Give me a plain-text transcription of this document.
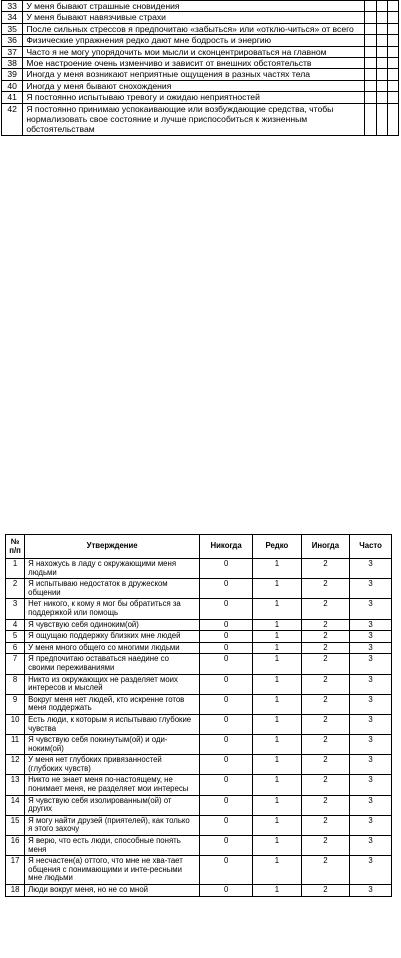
33	У меня бывают страшные сновидения			
34	У меня бывают навязчивые страхи			
35	После сильных стрессов я предпочитаю «забыться» или «отклю-читься» от всего			
36	Физические упражнения редко дают мне бодрость и энергию			
37	Часто я не могу упорядочить мои мысли и сконцентрироваться на главном			
38	Мое настроение очень изменчиво и зависит от внешних обстоятельств			
39	Иногда у меня возникают неприятные ощущения в разных частях тела			
40	Иногда у меня бывают снохождения			
41	Я постоянно испытываю тревогу и ожидаю неприятностей			
42	Я постоянно принимаю успокаивающие или возбуждающие средства, чтобы нормализовать свое состояние и лучше приспособиться к жизненным обстоятельствам			
№ п/п	Утверждение	Никогда	Редко	Иногда	Часто
1	Я нахожусь в ладу с окружающими меня людьми	0	1	2	3
2	Я испытываю недостаток в дружеском общении	0	1	2	3
3	Нет никого, к кому я мог бы обратиться за поддержкой или помощь	0	1	2	3
4	Я чувствую себя одиноким(ой)	0	1	2	3
5	Я ощущаю поддержку близких мне людей	0	1	2	3
6	У меня много общего со многими людьми	0	1	2	3
7	Я предпочитаю оставаться наедине со своими переживаниями	0	1	2	3
8	Никто из окружающих не разделяет моих интересов и мыслей	0	1	2	3
9	Вокруг меня нет людей, кто искренне готов меня поддержать	0	1	2	3
10	Есть люди, к которым я испытываю глубокие чувства	0	1	2	3
11	Я чувствую себя покинутым(ой) и оди-ноким(ой)	0	1	2	3
12	У меня нет глубоких привязанностей (глубоких чувств)	0	1	2	3
13	Никто не знает меня по-настоящему, не понимает меня, не разделяет мои интересы	0	1	2	3
14	Я чувствую себя изолированным(ой) от других	0	1	2	3
15	Я могу найти друзей (приятелей), как только я этого захочу	0	1	2	3
16	Я верю, что есть люди, способные понять меня	0	1	2	3
17	Я несчастен(а) оттого, что мне не хва-тает общения с понимающими и инте-ресными мне людьми	0	1	2	3
18	Люди вокруг меня, но не со мной	0	1	2	3
